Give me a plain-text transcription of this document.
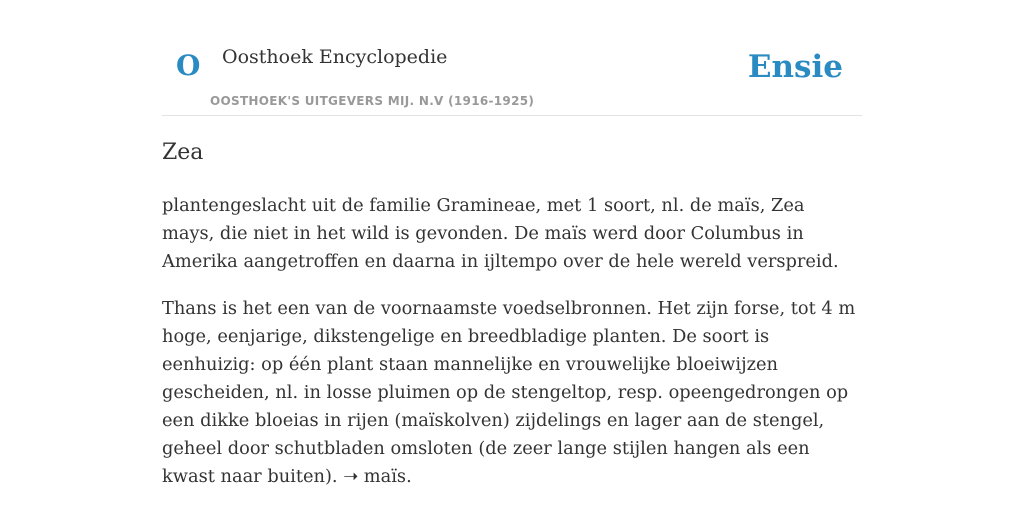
O Oosthoek Encyclopedie
OOSTHOEK'S UITGEVERS MIJ. N.V (1916-1925)
Ensie
Zea

plantengeslacht uit de familie Gramineae, met 1 soort, nl. de maïs, Zea mays, die niet in het wild is gevonden. De maïs werd door Columbus in Amerika aangetroffen en daarna in ijltempo over de hele wereld verspreid.

Thans is het een van de voornaamste voedselbronnen. Het zijn forse, tot 4 m hoge, eenjarige, dikstengelige en breedbladige planten. De soort is eenhuizig: op één plant staan mannelijke en vrouwelijke bloeiwijzen gescheiden, nl. in losse pluimen op de stengeltop, resp. opeengedrongen op een dikke bloeias in rijen (maïskolven) zijdelings en lager aan de stengel, geheel door schutbladen omsloten (de zeer lange stijlen hangen als een kwast naar buiten). ➝ maïs.
